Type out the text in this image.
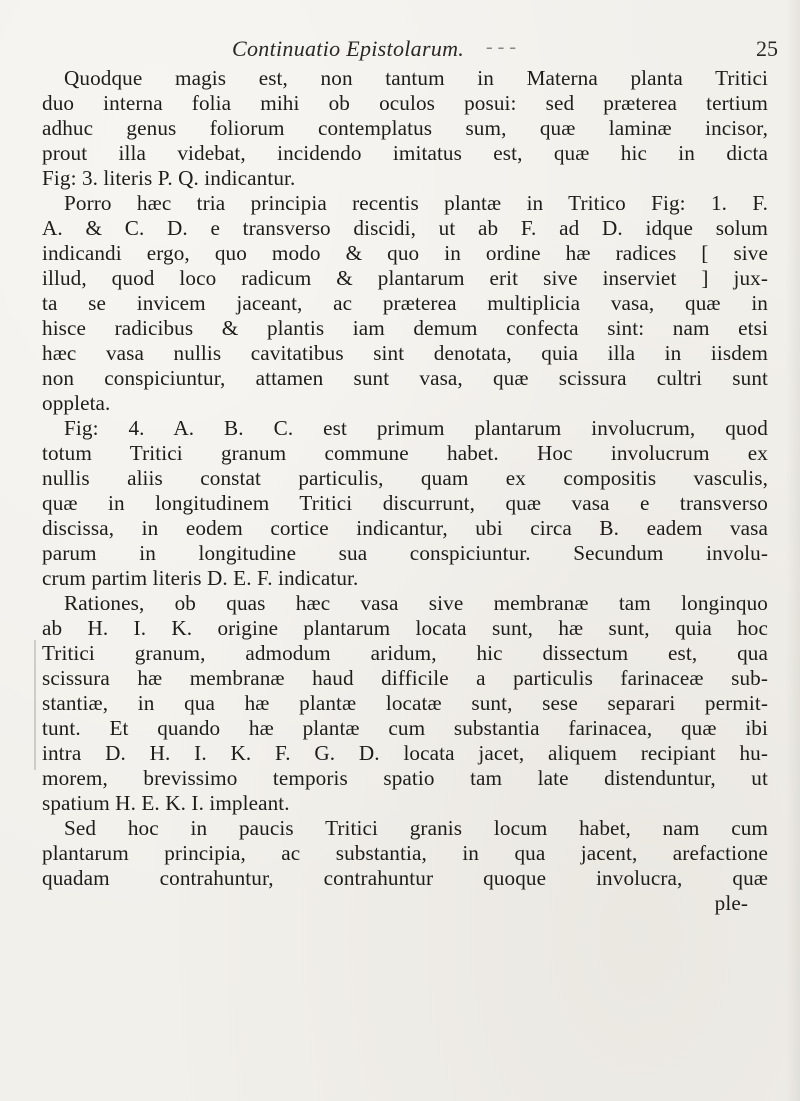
Continuatio Epistolarum. - - -	25
Quodque magis est, non tantum in Materna planta Tritici
duo interna folia mihi ob oculos posui: sed prӕterea tertium
adhuc genus foliorum contemplatus sum, quӕ laminӕ incisor,
prout illa videbat, incidendo imitatus est, quӕ hic in dicta
Fig: 3. literis P. Q. indicantur.
Porro hӕc tria principia recentis plantӕ in Tritico Fig: 1. F.
A. & C. D. e transverso discidi, ut ab F. ad D. idque solum
indicandi ergo, quo modo & quo in ordine hӕ radices [ sive
illud, quod loco radicum & plantarum erit sive inserviet ] jux-
ta se invicem jaceant, ac prӕterea multiplicia vasa, quӕ in
hisce radicibus & plantis iam demum confecta sint: nam etsi
hӕc vasa nullis cavitatibus sint denotata, quia illa in iisdem
non conspiciuntur, attamen sunt vasa, quӕ scissura cultri sunt
oppleta.
Fig: 4. A. B. C. est primum plantarum involucrum, quod
totum Tritici granum commune habet. Hoc involucrum ex
nullis aliis constat particulis, quam ex compositis vasculis,
quӕ in longitudinem Tritici discurrunt, quӕ vasa e transverso
discissa, in eodem cortice indicantur, ubi circa B. eadem vasa
parum in longitudine sua conspiciuntur. Secundum involu-
crum partim literis D. E. F. indicatur.
Rationes, ob quas hӕc vasa sive membranӕ tam longinquo
ab H. I. K. origine plantarum locata sunt, hӕ sunt, quia hoc
Tritici granum, admodum aridum, hic dissectum est, qua
scissura hӕ membranӕ haud difficile a particulis farinaceӕ sub-
stantiӕ, in qua hӕ plantӕ locatӕ sunt, sese separari permit-
tunt. Et quando hӕ plantӕ cum substantia farinacea, quӕ ibi
intra D. H. I. K. F. G. D. locata jacet, aliquem recipiant hu-
morem, brevissimo temporis spatio tam late distenduntur, ut
spatium H. E. K. I. impleant.
Sed hoc in paucis Tritici granis locum habet, nam cum
plantarum principia, ac substantia, in qua jacent, arefactione
quadam contrahuntur, contrahuntur quoque involucra, quӕ
ple-
